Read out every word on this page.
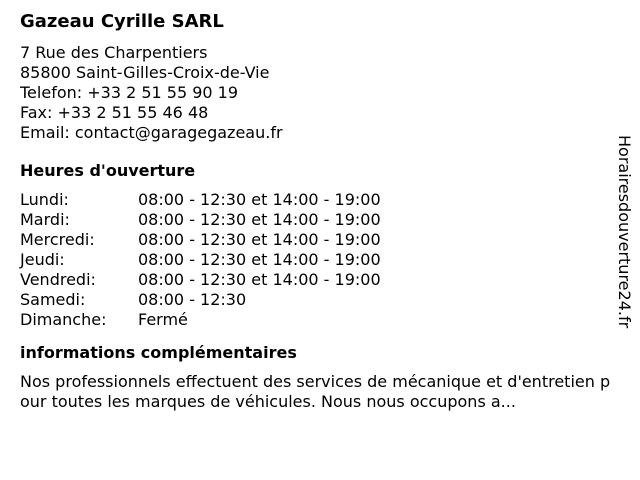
Gazeau Cyrille SARL
7 Rue des Charpentiers
85800 Saint-Gilles-Croix-de-Vie
Telefon: +33 2 51 55 90 19
Fax: +33 2 51 55 46 48
Email: contact@garagegazeau.fr
Heures d'ouverture
Lundi:	08:00 - 12:30 et 14:00 - 19:00
Mardi:	08:00 - 12:30 et 14:00 - 19:00
Mercredi:	08:00 - 12:30 et 14:00 - 19:00
Jeudi:	08:00 - 12:30 et 14:00 - 19:00
Vendredi:	08:00 - 12:30 et 14:00 - 19:00
Samedi:	08:00 - 12:30
Dimanche:	Fermé
informations complémentaires
Nos professionnels effectuent des services de mécanique et d'entretien pour toutes les marques de véhicules. Nous nous occupons a...
Horairesdouverture24.fr
